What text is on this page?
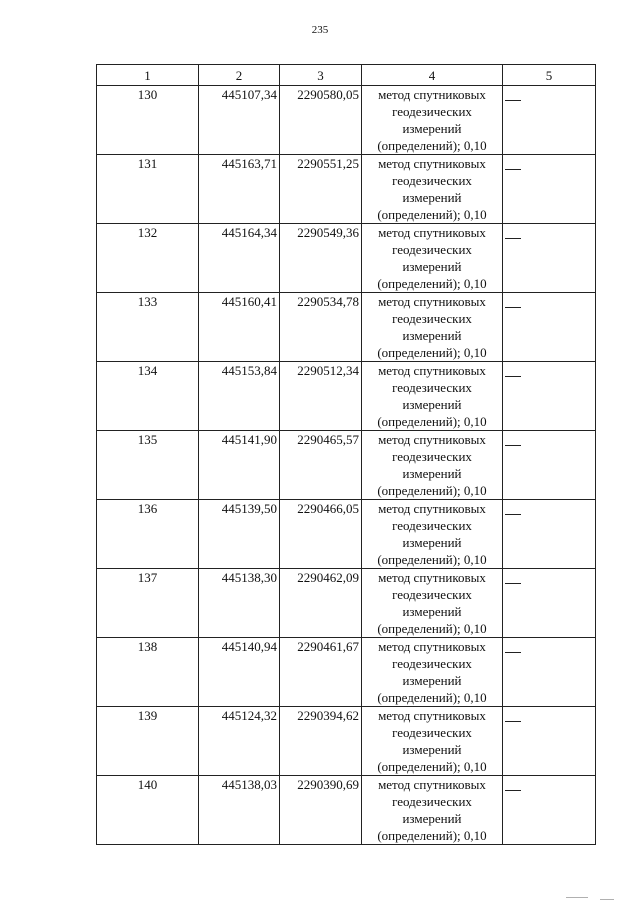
235
1	2	3	4	5
130	445107,34	2290580,05	метод спутниковых
геодезических
измерений
(определений); 0,10	

131	445163,71	2290551,25	метод спутниковых
геодезических
измерений
(определений); 0,10	

132	445164,34	2290549,36	метод спутниковых
геодезических
измерений
(определений); 0,10	

133	445160,41	2290534,78	метод спутниковых
геодезических
измерений
(определений); 0,10	

134	445153,84	2290512,34	метод спутниковых
геодезических
измерений
(определений); 0,10	

135	445141,90	2290465,57	метод спутниковых
геодезических
измерений
(определений); 0,10	

136	445139,50	2290466,05	метод спутниковых
геодезических
измерений
(определений); 0,10	

137	445138,30	2290462,09	метод спутниковых
геодезических
измерений
(определений); 0,10	

138	445140,94	2290461,67	метод спутниковых
геодезических
измерений
(определений); 0,10	

139	445124,32	2290394,62	метод спутниковых
геодезических
измерений
(определений); 0,10	

140	445138,03	2290390,69	метод спутниковых
геодезических
измерений
(определений); 0,10	
